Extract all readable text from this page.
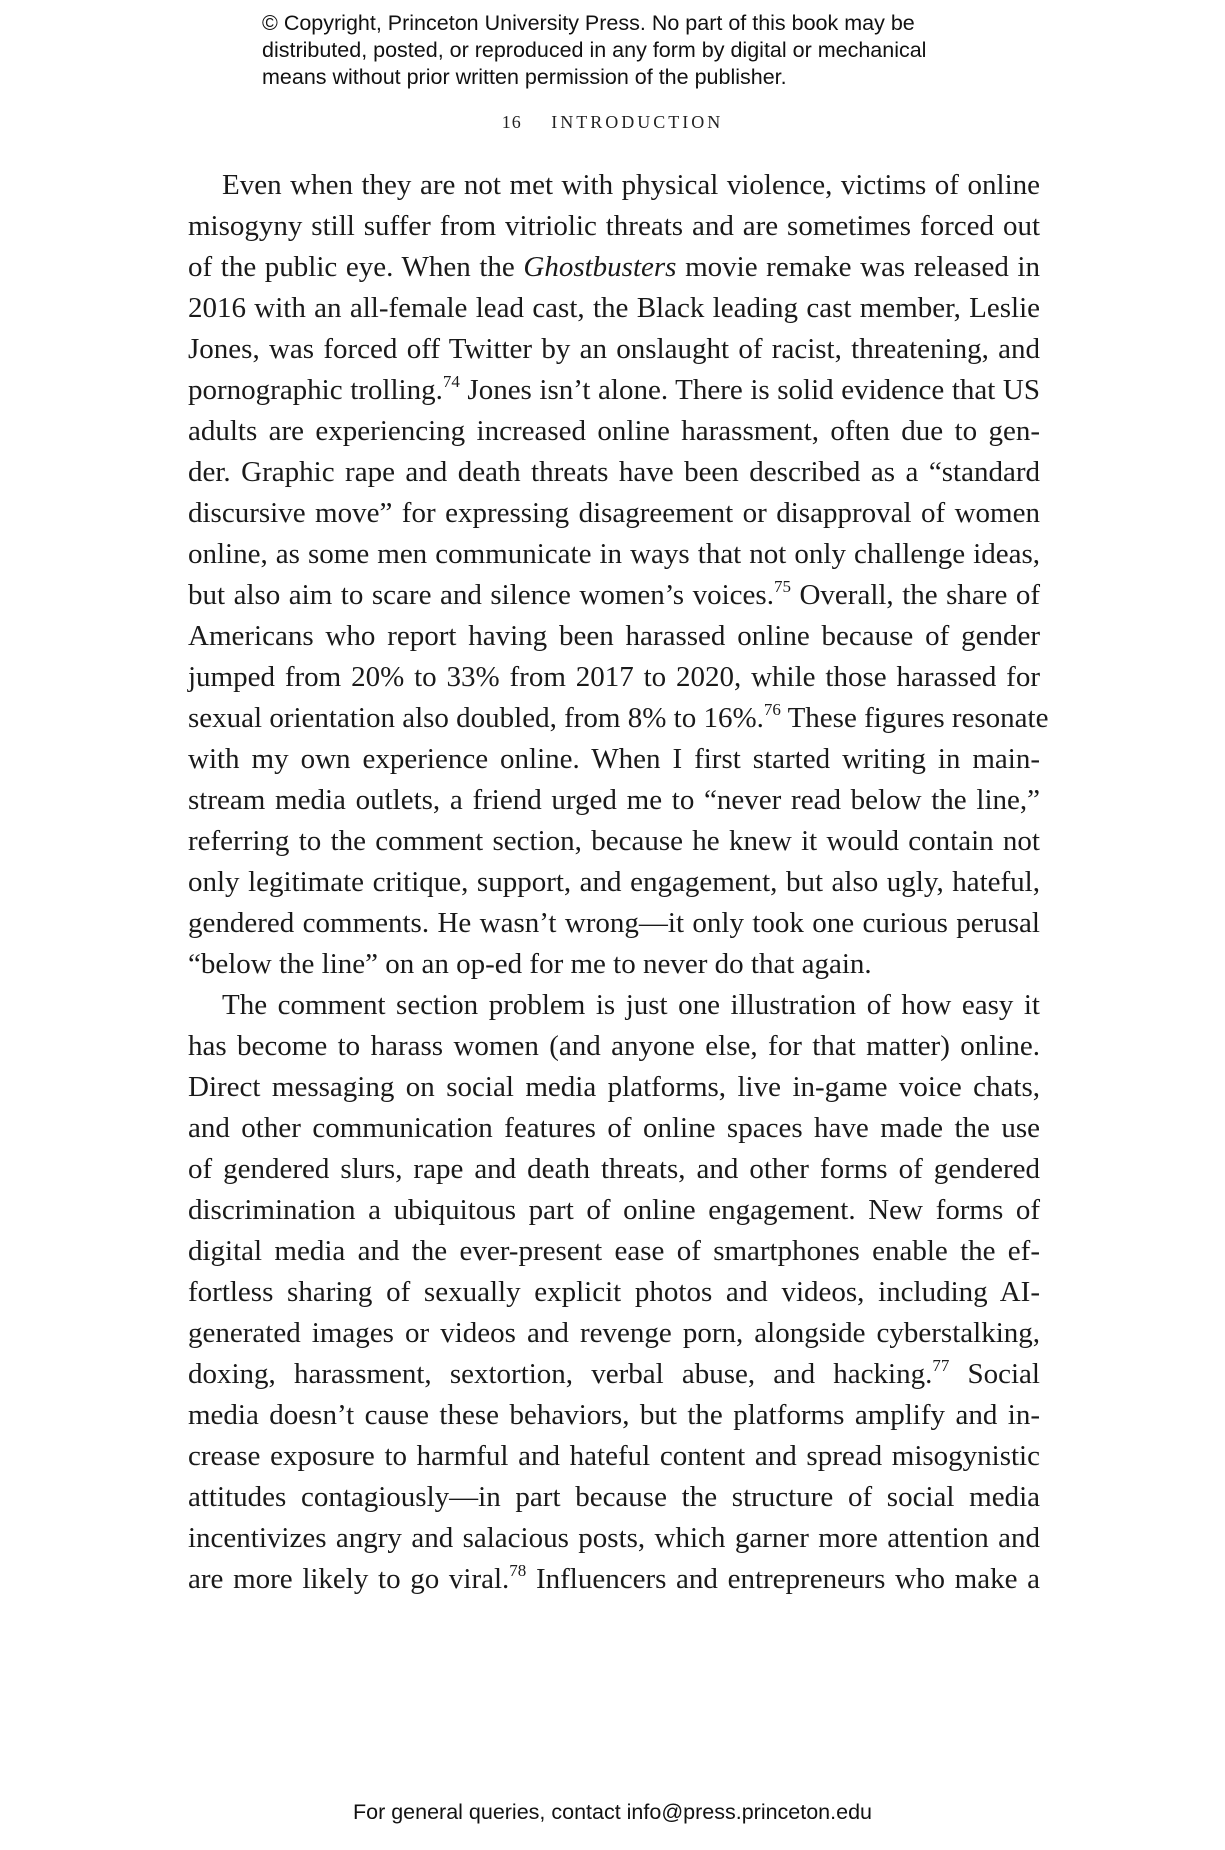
© Copyright, Princeton University Press. No part of this book may be
distributed, posted, or reproduced in any form by digital or mechanical
means without prior written permission of the publisher.
16 INTRODUCTION
Even when they are not met with physical violence, victims of online
misogyny still suffer from vitriolic threats and are sometimes forced out
of the public eye. When the Ghostbusters movie remake was released in
2016 with an all-female lead cast, the Black leading cast member, Leslie
Jones, was forced off Twitter by an onslaught of racist, threatening, and
pornographic trolling.$^{74}$ Jones isn’t alone. There is solid evidence that US
adults are experiencing increased online harassment, often due to gen-
der. Graphic rape and death threats have been described as a “standard
discursive move” for expressing disagreement or disapproval of women
online, as some men communicate in ways that not only challenge ideas,
but also aim to scare and silence women’s voices.$^{75}$ Overall, the share of
Americans who report having been harassed online because of gender
jumped from 20% to 33% from 2017 to 2020, while those harassed for
sexual orientation also doubled, from 8% to 16%.$^{76}$ These figures resonate
with my own experience online. When I first started writing in main-
stream media outlets, a friend urged me to “never read below the line,”
referring to the comment section, because he knew it would contain not
only legitimate critique, support, and engagement, but also ugly, hateful,
gendered comments. He wasn’t wrong—it only took one curious perusal
“below the line” on an op-ed for me to never do that again.
The comment section problem is just one illustration of how easy it
has become to harass women (and anyone else, for that matter) online.
Direct messaging on social media platforms, live in-game voice chats,
and other communication features of online spaces have made the use
of gendered slurs, rape and death threats, and other forms of gendered
discrimination a ubiquitous part of online engagement. New forms of
digital media and the ever-present ease of smartphones enable the ef-
fortless sharing of sexually explicit photos and videos, including AI-
generated images or videos and revenge porn, alongside cyberstalking,
doxing, harassment, sextortion, verbal abuse, and hacking.$^{77}$ Social
media doesn’t cause these behaviors, but the platforms amplify and in-
crease exposure to harmful and hateful content and spread misogynistic
attitudes contagiously—in part because the structure of social media
incentivizes angry and salacious posts, which garner more attention and
are more likely to go viral.$^{78}$ Influencers and entrepreneurs who make a
For general queries, contact info@press.princeton.edu
